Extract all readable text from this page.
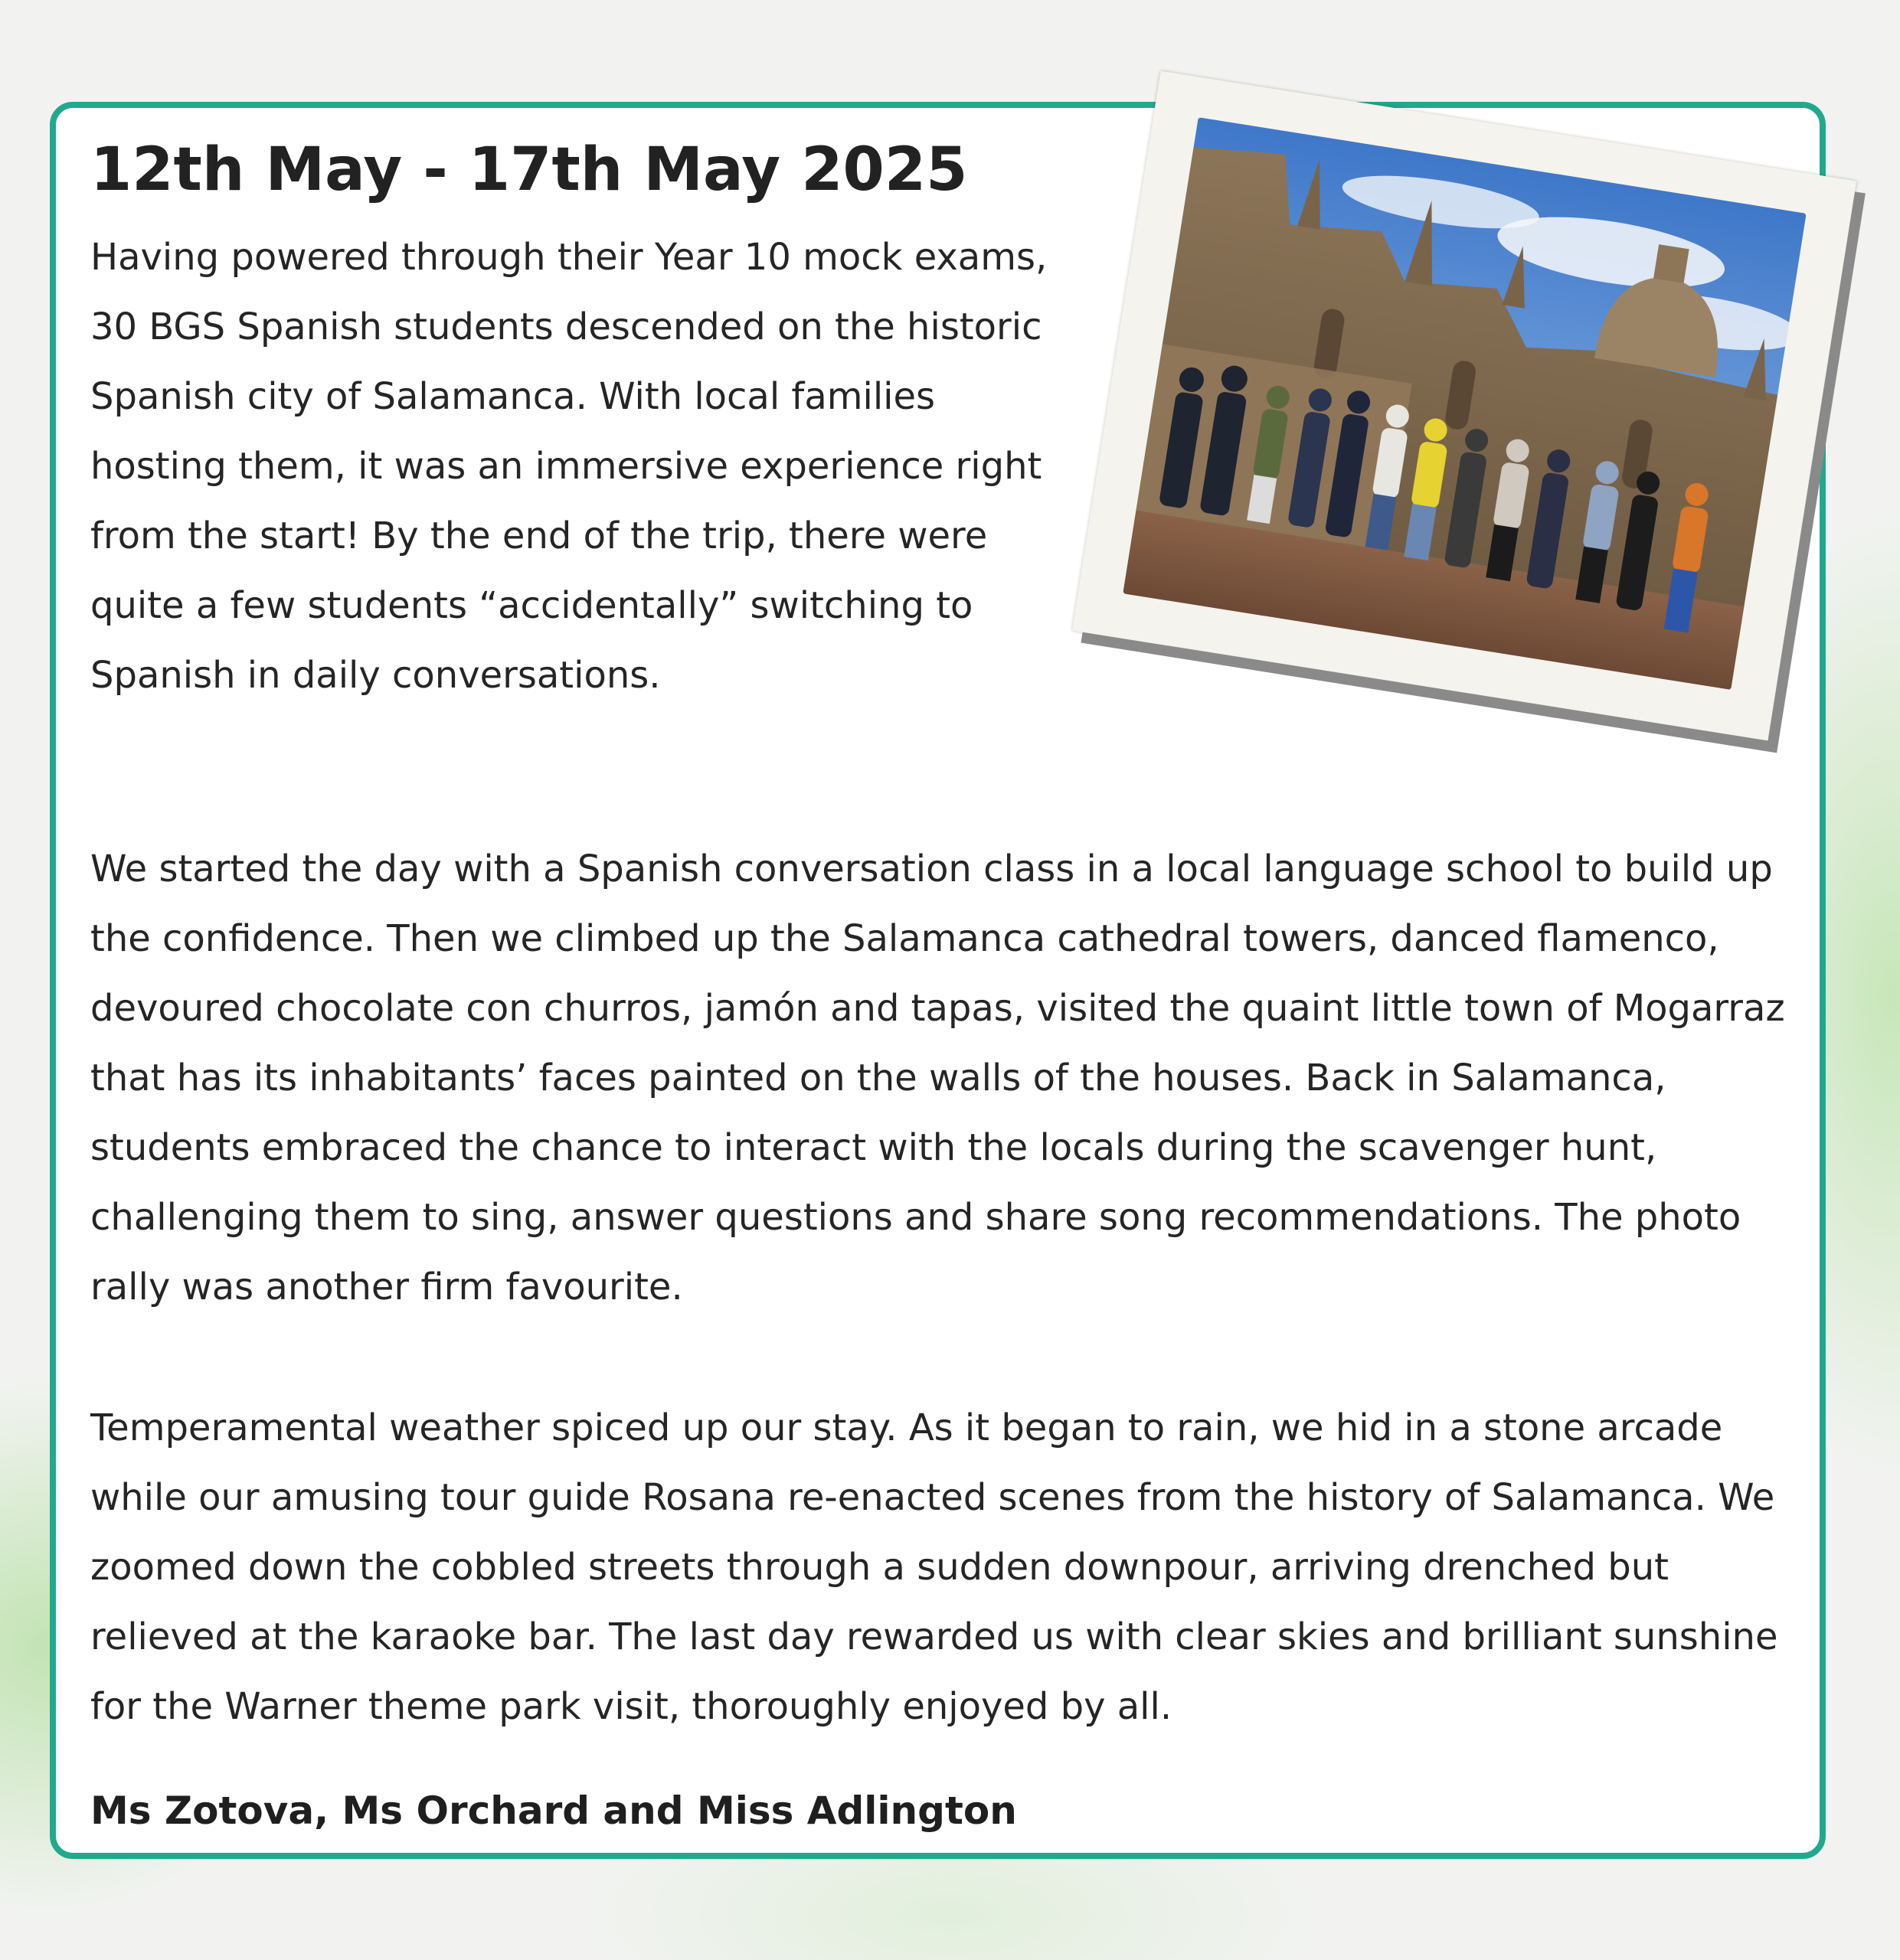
12th May - 17th May 2025

Having powered through their Year 10 mock exams, 30 BGS Spanish students descended on the historic Spanish city of Salamanca. With local families hosting them, it was an immersive experience right from the start! By the end of the trip, there were quite a few students “accidentally” switching to Spanish in daily conversations.

We started the day with a Spanish conversation class in a local language school to build up the confidence. Then we climbed up the Salamanca cathedral towers, danced flamenco, devoured chocolate con churros, jamón and tapas, visited the quaint little town of Mogarraz that has its inhabitants’ faces painted on the walls of the houses. Back in Salamanca, students embraced the chance to interact with the locals during the scavenger hunt, challenging them to sing, answer questions and share song recommendations. The photo rally was another firm favourite.

Temperamental weather spiced up our stay. As it began to rain, we hid in a stone arcade while our amusing tour guide Rosana re-enacted scenes from the history of Salamanca. We zoomed down the cobbled streets through a sudden downpour, arriving drenched but relieved at the karaoke bar. The last day rewarded us with clear skies and brilliant sunshine for the Warner theme park visit, thoroughly enjoyed by all.

Ms Zotova, Ms Orchard and Miss Adlington
